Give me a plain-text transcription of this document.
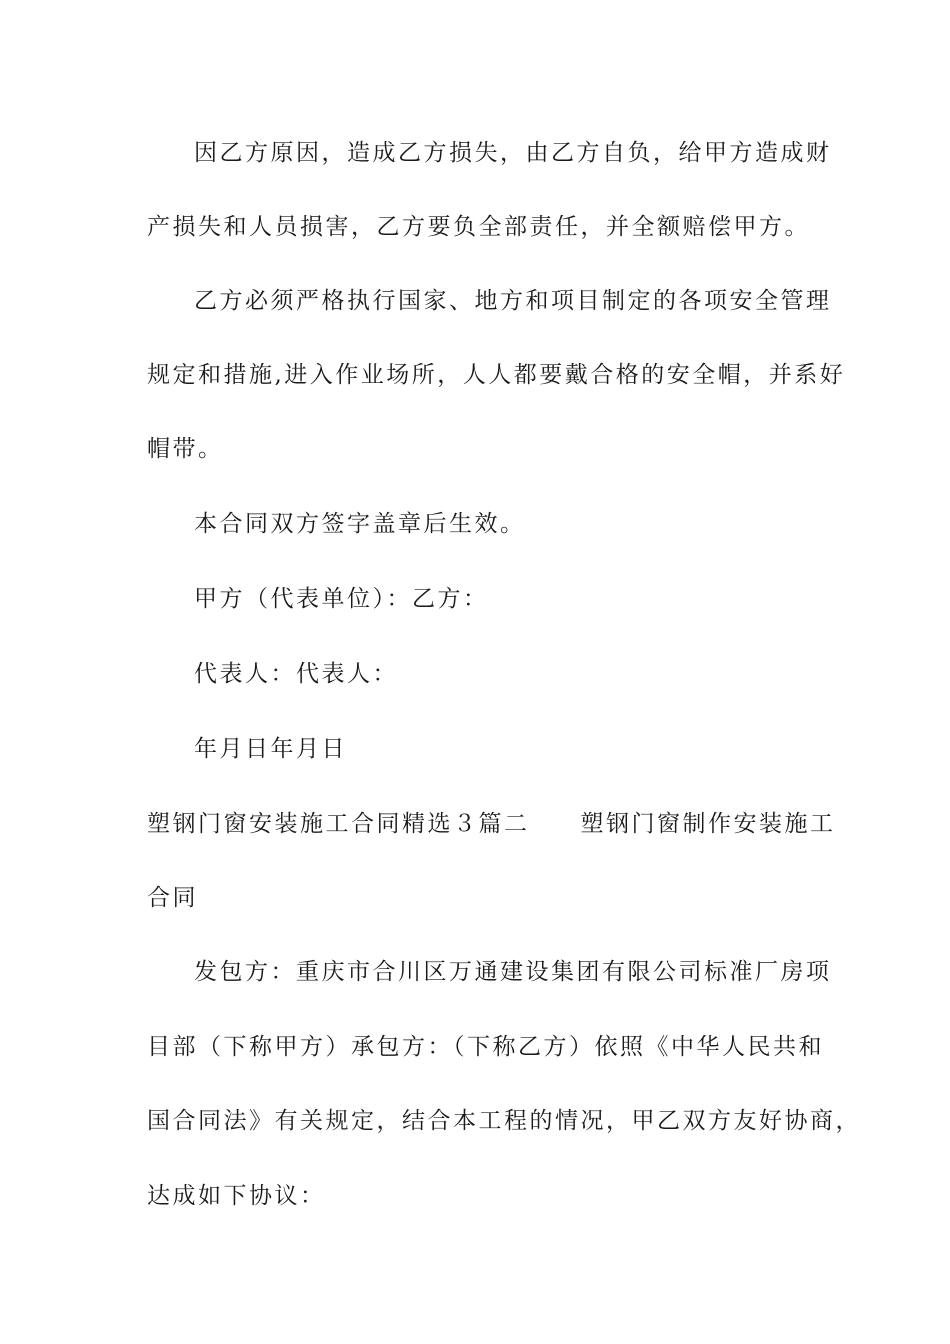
因乙方原因，造成乙方损失，由乙方自负，给甲方造成财
产损失和人员损害，乙方要负全部责任，并全额赔偿甲方。
乙方必须严格执行国家、地方和项目制定的各项安全管理
规定和措施,进入作业场所，人人都要戴合格的安全帽，并系好
帽带。
本合同双方签字盖章后生效。
甲方（代表单位）：乙方：
代表人：代表人：
年月日年月日
塑钢门窗安装施工合同精选３篇二　　塑钢门窗制作安装施工
合同
发包方：重庆市合川区万通建设集团有限公司标准厂房项
目部（下称甲方）承包方：（下称乙方）依照《中华人民共和
国合同法》有关规定，结合本工程的情况，甲乙双方友好协商，
达成如下协议：
